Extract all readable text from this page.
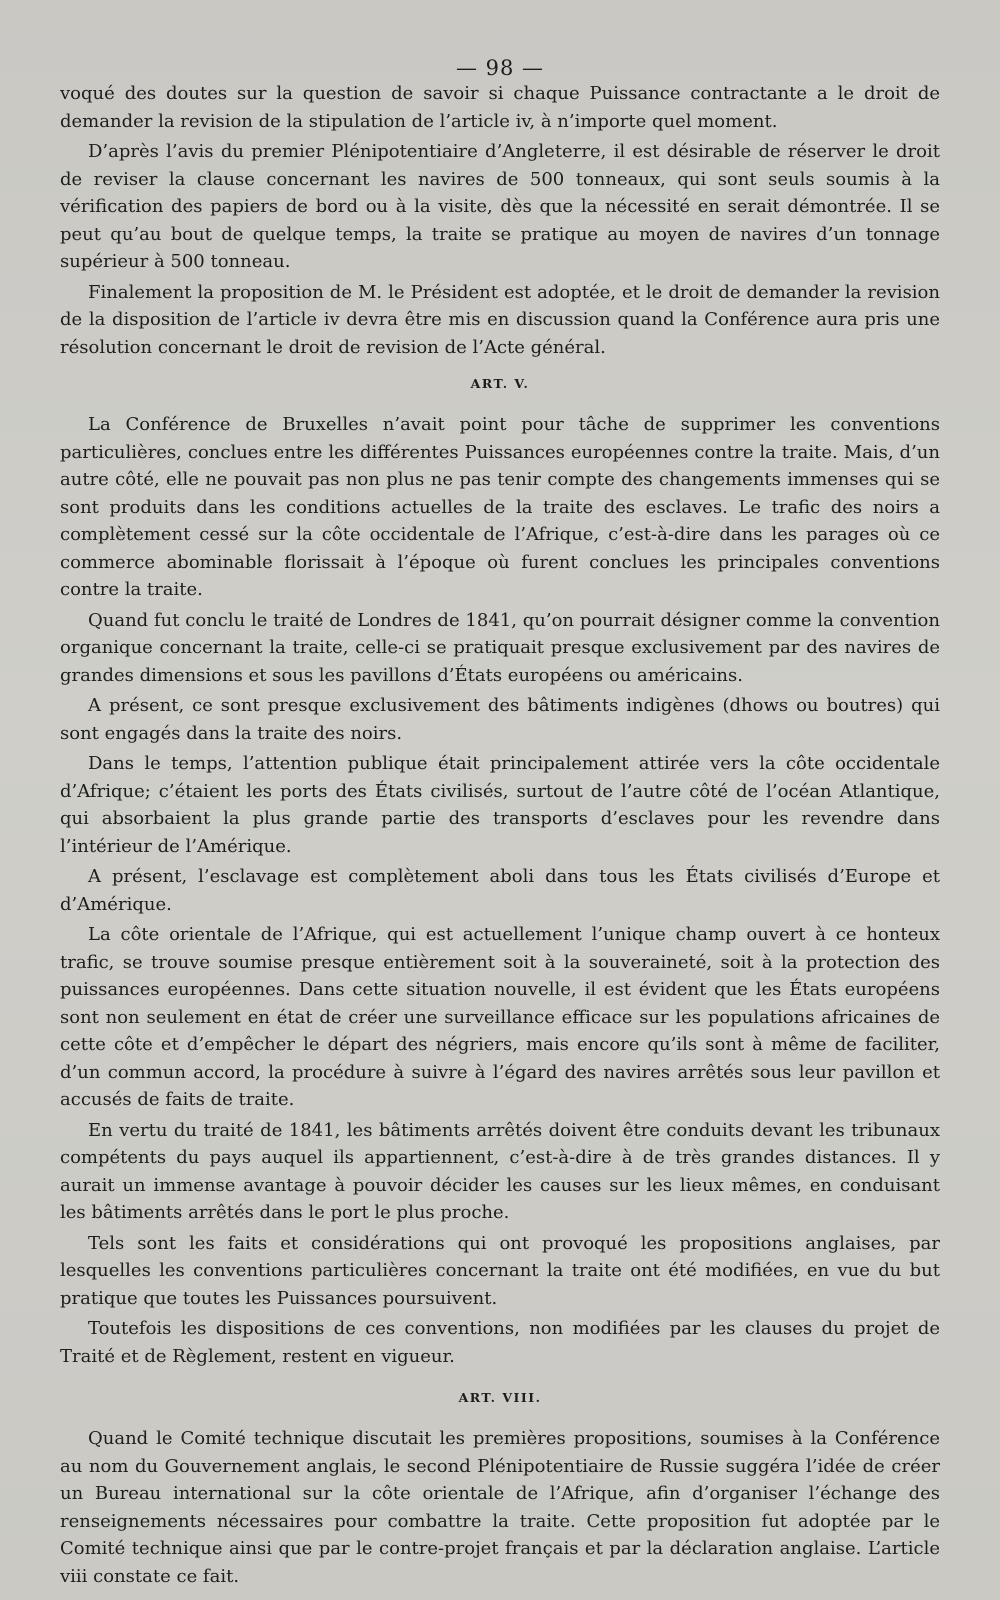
— 98 —

voqué des doutes sur la question de savoir si chaque Puissance contractante a le droit de demander la revision de la stipulation de l’article iv, à n’importe quel moment.

D’après l’avis du premier Plénipotentiaire d’Angleterre, il est désirable de réserver le droit de reviser la clause concernant les navires de 500 tonneaux, qui sont seuls soumis à la vérification des papiers de bord ou à la visite, dès que la nécessité en serait démontrée. Il se peut qu’au bout de quelque temps, la traite se pratique au moyen de navires d’un tonnage supérieur à 500 tonneau.

Finalement la proposition de M. le Président est adoptée, et le droit de demander la revision de la disposition de l’article iv devra être mis en discussion quand la Conférence aura pris une résolution concernant le droit de revision de l’Acte général.

ART. V.

La Conférence de Bruxelles n’avait point pour tâche de supprimer les conventions particulières, conclues entre les différentes Puissances européennes contre la traite. Mais, d’un autre côté, elle ne pouvait pas non plus ne pas tenir compte des changements immenses qui se sont produits dans les conditions actuelles de la traite des esclaves. Le trafic des noirs a complètement cessé sur la côte occidentale de l’Afrique, c’est-à-dire dans les parages où ce commerce abominable florissait à l’époque où furent conclues les principales conventions contre la traite.

Quand fut conclu le traité de Londres de 1841, qu’on pourrait désigner comme la convention organique concernant la traite, celle-ci se pratiquait presque exclusivement par des navires de grandes dimensions et sous les pavillons d’États européens ou américains.

A présent, ce sont presque exclusivement des bâtiments indigènes (dhows ou boutres) qui sont engagés dans la traite des noirs.

Dans le temps, l’attention publique était principalement attirée vers la côte occidentale d’Afrique; c’étaient les ports des États civilisés, surtout de l’autre côté de l’océan Atlantique, qui absorbaient la plus grande partie des transports d’esclaves pour les revendre dans l’intérieur de l’Amérique.

A présent, l’esclavage est complètement aboli dans tous les États civilisés d’Europe et d’Amérique.

La côte orientale de l’Afrique, qui est actuellement l’unique champ ouvert à ce honteux trafic, se trouve soumise presque entièrement soit à la souveraineté, soit à la protection des puissances européennes. Dans cette situation nouvelle, il est évident que les États européens sont non seulement en état de créer une surveillance efficace sur les populations africaines de cette côte et d’empêcher le départ des négriers, mais encore qu’ils sont à même de faciliter, d’un commun accord, la procédure à suivre à l’égard des navires arrêtés sous leur pavillon et accusés de faits de traite.

En vertu du traité de 1841, les bâtiments arrêtés doivent être conduits devant les tribunaux compétents du pays auquel ils appartiennent, c’est-à-dire à de très grandes distances. Il y aurait un immense avantage à pouvoir décider les causes sur les lieux mêmes, en conduisant les bâtiments arrêtés dans le port le plus proche.

Tels sont les faits et considérations qui ont provoqué les propositions anglaises, par lesquelles les conventions particulières concernant la traite ont été modifiées, en vue du but pratique que toutes les Puissances poursuivent.

Toutefois les dispositions de ces conventions, non modifiées par les clauses du projet de Traité et de Règlement, restent en vigueur.

ART. VIII.

Quand le Comité technique discutait les premières propositions, soumises à la Conférence au nom du Gouvernement anglais, le second Plénipotentiaire de Russie suggéra l’idée de créer un Bureau international sur la côte orientale de l’Afrique, afin d’organiser l’échange des renseignements nécessaires pour combattre la traite. Cette proposition fut adoptée par le Comité technique ainsi que par le contre-projet français et par la déclaration anglaise. L’article viii constate ce fait.
